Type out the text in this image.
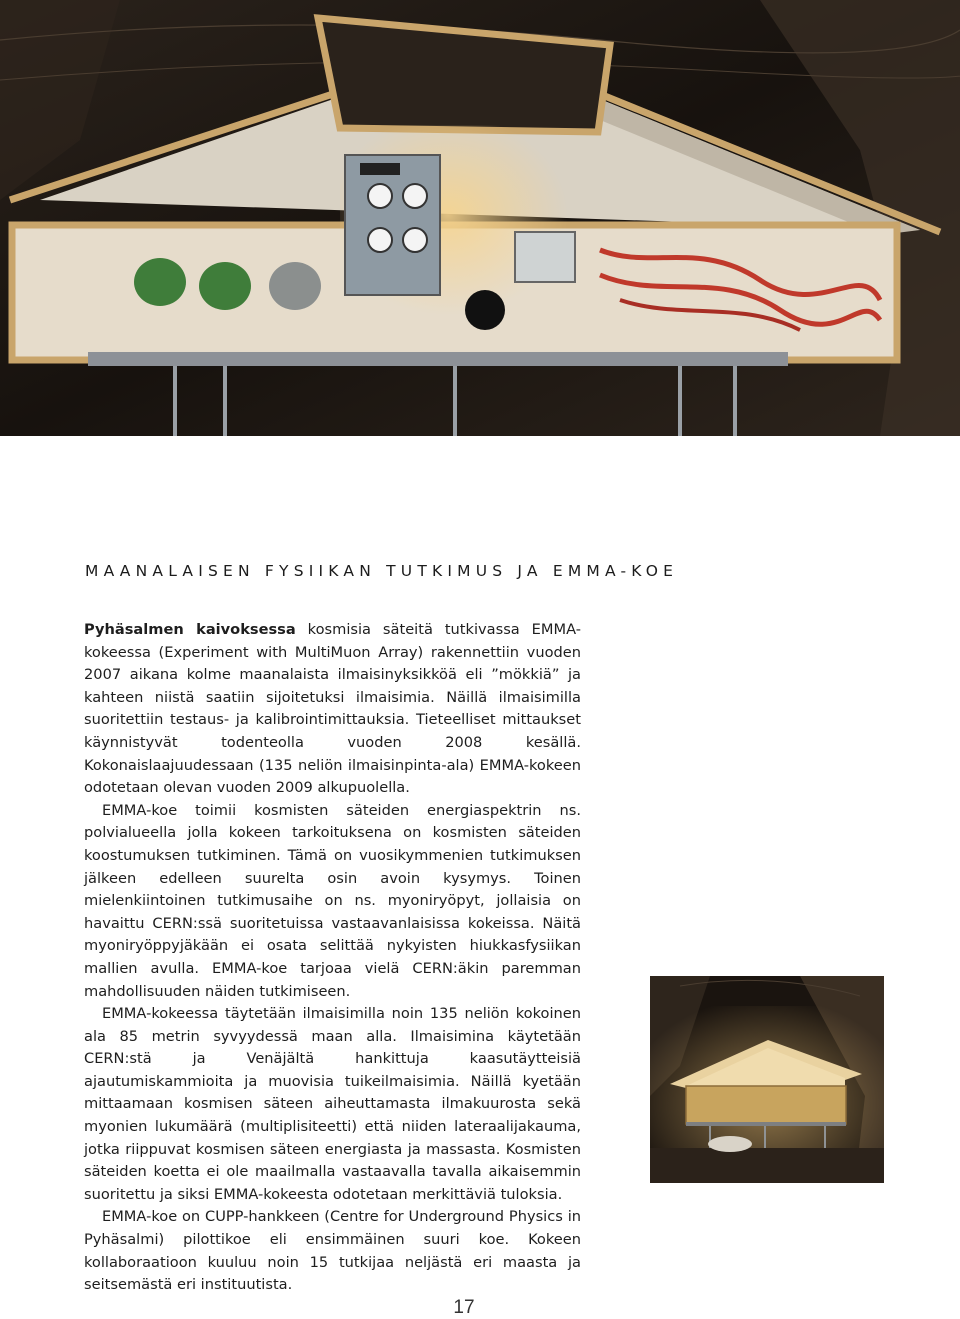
MAANALAISEN FYSIIKAN TUTKIMUS JA EMMA-KOE

Pyhäsalmen kaivoksessa kosmisia säteitä tutkivassa EMMA-kokeessa (Experiment with MultiMuon Array) rakennettiin vuoden 2007 aikana kolme maanalaista ilmaisinyksikköä eli ”mökkiä” ja kahteen niistä saatiin sijoitetuksi ilmaisimia. Näillä ilmaisimilla suoritettiin testaus- ja kalibrointimittauksia. Tieteelliset mittaukset käynnistyvät todenteolla vuoden 2008 kesällä. Kokonaislaajuudessaan (135 neliön ilmaisinpinta-ala) EMMA-kokeen odotetaan olevan vuoden 2009 alkupuolella.

EMMA-koe toimii kosmisten säteiden energiaspektrin ns. polvialueella jolla kokeen tarkoituksena on kosmisten säteiden koostumuksen tutkiminen. Tämä on vuosikymmenien tutkimuksen jälkeen edelleen suurelta osin avoin kysymys. Toinen mielenkiintoinen tutkimusaihe on ns. myoniryöpyt, jollaisia on havaittu CERN:ssä suoritetuissa vastaavanlaisissa kokeissa. Näitä myoniryöppyjäkään ei osata selittää nykyisten hiukkasfysiikan mallien avulla. EMMA-koe tarjoaa vielä CERN:äkin paremman mahdollisuuden näiden tutkimiseen.

EMMA-kokeessa täytetään ilmaisimilla noin 135 neliön kokoinen ala 85 metrin syvyydessä maan alla. Ilmaisimina käytetään CERN:stä ja Venäjältä hankittuja kaasutäytteisiä ajautumiskammioita ja muovisia tuikeilmaisimia. Näillä kyetään mittaamaan kosmisen säteen aiheuttamasta ilmakuurosta sekä myonien lukumäärä (multiplisiteetti) että niiden lateraalijakauma, jotka riippuvat kosmisen säteen energiasta ja massasta. Kosmisten säteiden koetta ei ole maailmalla vastaavalla tavalla aikaisemmin suoritettu ja siksi EMMA-kokeesta odotetaan merkittäviä tuloksia.

EMMA-koe on CUPP-hankkeen (Centre for Underground Physics in Pyhäsalmi) pilottikoe eli ensimmäinen suuri koe. Kokeen kollaboraatioon kuuluu noin 15 tutkijaa neljästä eri maasta ja seitsemästä eri instituutista.

17
